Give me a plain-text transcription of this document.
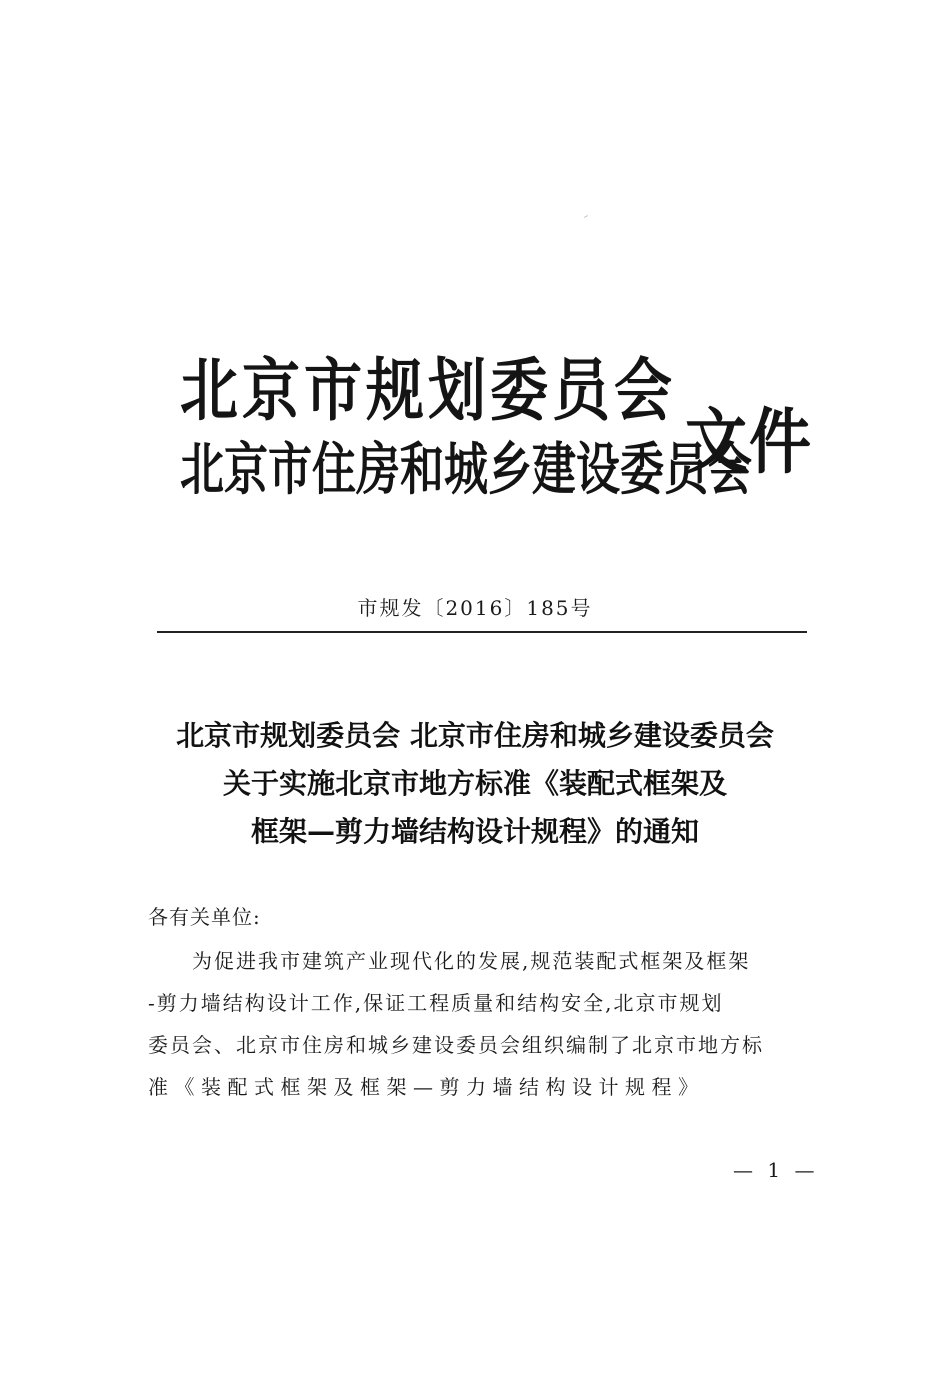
北京市规划委员会
北京市住房和城乡建设委员会
文件
市规发〔2016〕185号
北京市规划委员会 北京市住房和城乡建设委员会
关于实施北京市地方标准《装配式框架及
框架—剪力墙结构设计规程》的通知
各有关单位:
为促进我市建筑产业现代化的发展,规范装配式框架及框架
-剪力墙结构设计工作,保证工程质量和结构安全,北京市规划
委员会、北京市住房和城乡建设委员会组织编制了北京市地方标
准《装配式框架及框架—剪力墙结构设计规程》
— 1 —
